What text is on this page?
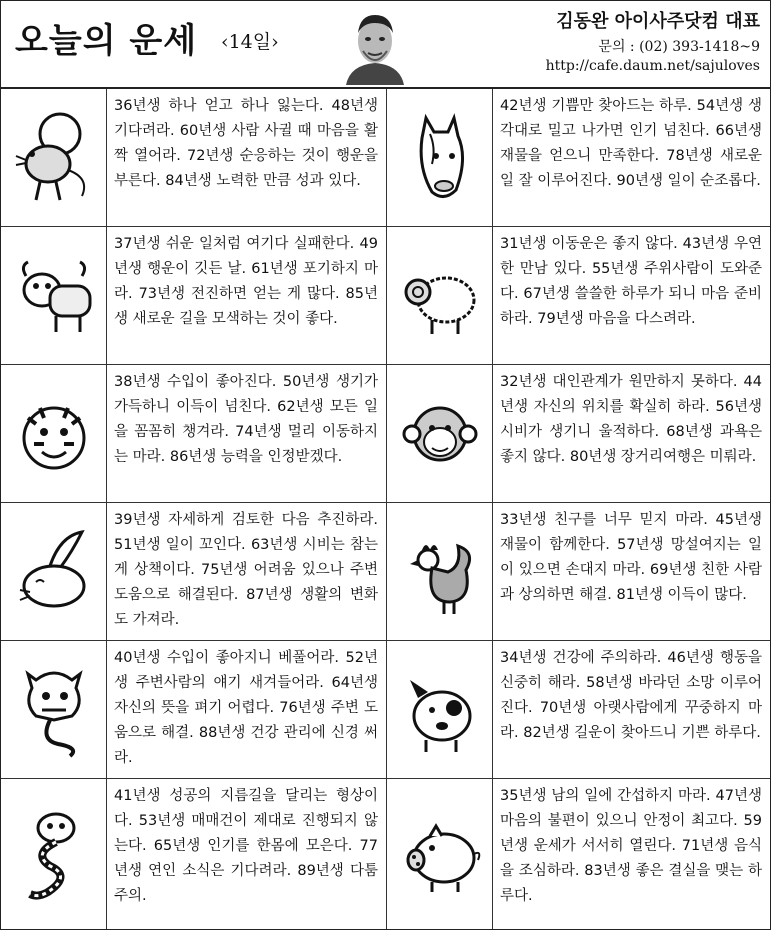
오늘의 운세 ‹14일›
김동완 아이사주닷컴 대표
문의 : (02) 393-1418~9
http://cafe.daum.net/sajuloves
36년생 하나 얻고 하나 잃는다. 48년생 기다려라. 60년생 사람 사귈 때 마음을 활짝 열어라. 72년생 순응하는 것이 행운을 부른다. 84년생 노력한 만큼 성과 있다.
42년생 기쁨만 찾아드는 하루. 54년생 생각대로 밀고 나가면 인기 넘친다. 66년생 재물을 얻으니 만족한다. 78년생 새로운 일 잘 이루어진다. 90년생 일이 순조롭다.
37년생 쉬운 일처럼 여기다 실패한다. 49년생 행운이 깃든 날. 61년생 포기하지 마라. 73년생 전진하면 얻는 게 많다. 85년생 새로운 길을 모색하는 것이 좋다.
31년생 이동운은 좋지 않다. 43년생 우연한 만남 있다. 55년생 주위사람이 도와준다. 67년생 쓸쓸한 하루가 되니 마음 준비하라. 79년생 마음을 다스려라.
38년생 수입이 좋아진다. 50년생 생기가 가득하니 이득이 넘친다. 62년생 모든 일을 꼼꼼히 챙겨라. 74년생 멀리 이동하지는 마라. 86년생 능력을 인정받겠다.
32년생 대인관계가 원만하지 못하다. 44년생 자신의 위치를 확실히 하라. 56년생 시비가 생기니 울적하다. 68년생 과욕은 좋지 않다. 80년생 장거리여행은 미뤄라.
39년생 자세하게 검토한 다음 추진하라. 51년생 일이 꼬인다. 63년생 시비는 참는 게 상책이다. 75년생 어려움 있으나 주변 도움으로 해결된다. 87년생 생활의 변화도 가져라.
33년생 친구를 너무 믿지 마라. 45년생 재물이 함께한다. 57년생 망설여지는 일이 있으면 손대지 마라. 69년생 친한 사람과 상의하면 해결. 81년생 이득이 많다.
40년생 수입이 좋아지니 베풀어라. 52년생 주변사람의 얘기 새겨들어라. 64년생 자신의 뜻을 펴기 어렵다. 76년생 주변 도움으로 해결. 88년생 건강 관리에 신경 써라.
34년생 건강에 주의하라. 46년생 행동을 신중히 해라. 58년생 바라던 소망 이루어진다. 70년생 아랫사람에게 꾸중하지 마라. 82년생 길운이 찾아드니 기쁜 하루다.
41년생 성공의 지름길을 달리는 형상이다. 53년생 매매건이 제대로 진행되지 않는다. 65년생 인기를 한몸에 모은다. 77년생 연인 소식은 기다려라. 89년생 다툼 주의.
35년생 남의 일에 간섭하지 마라. 47년생 마음의 불편이 있으니 안정이 최고다. 59년생 운세가 서서히 열린다. 71년생 음식을 조심하라. 83년생 좋은 결실을 맺는 하루다.
